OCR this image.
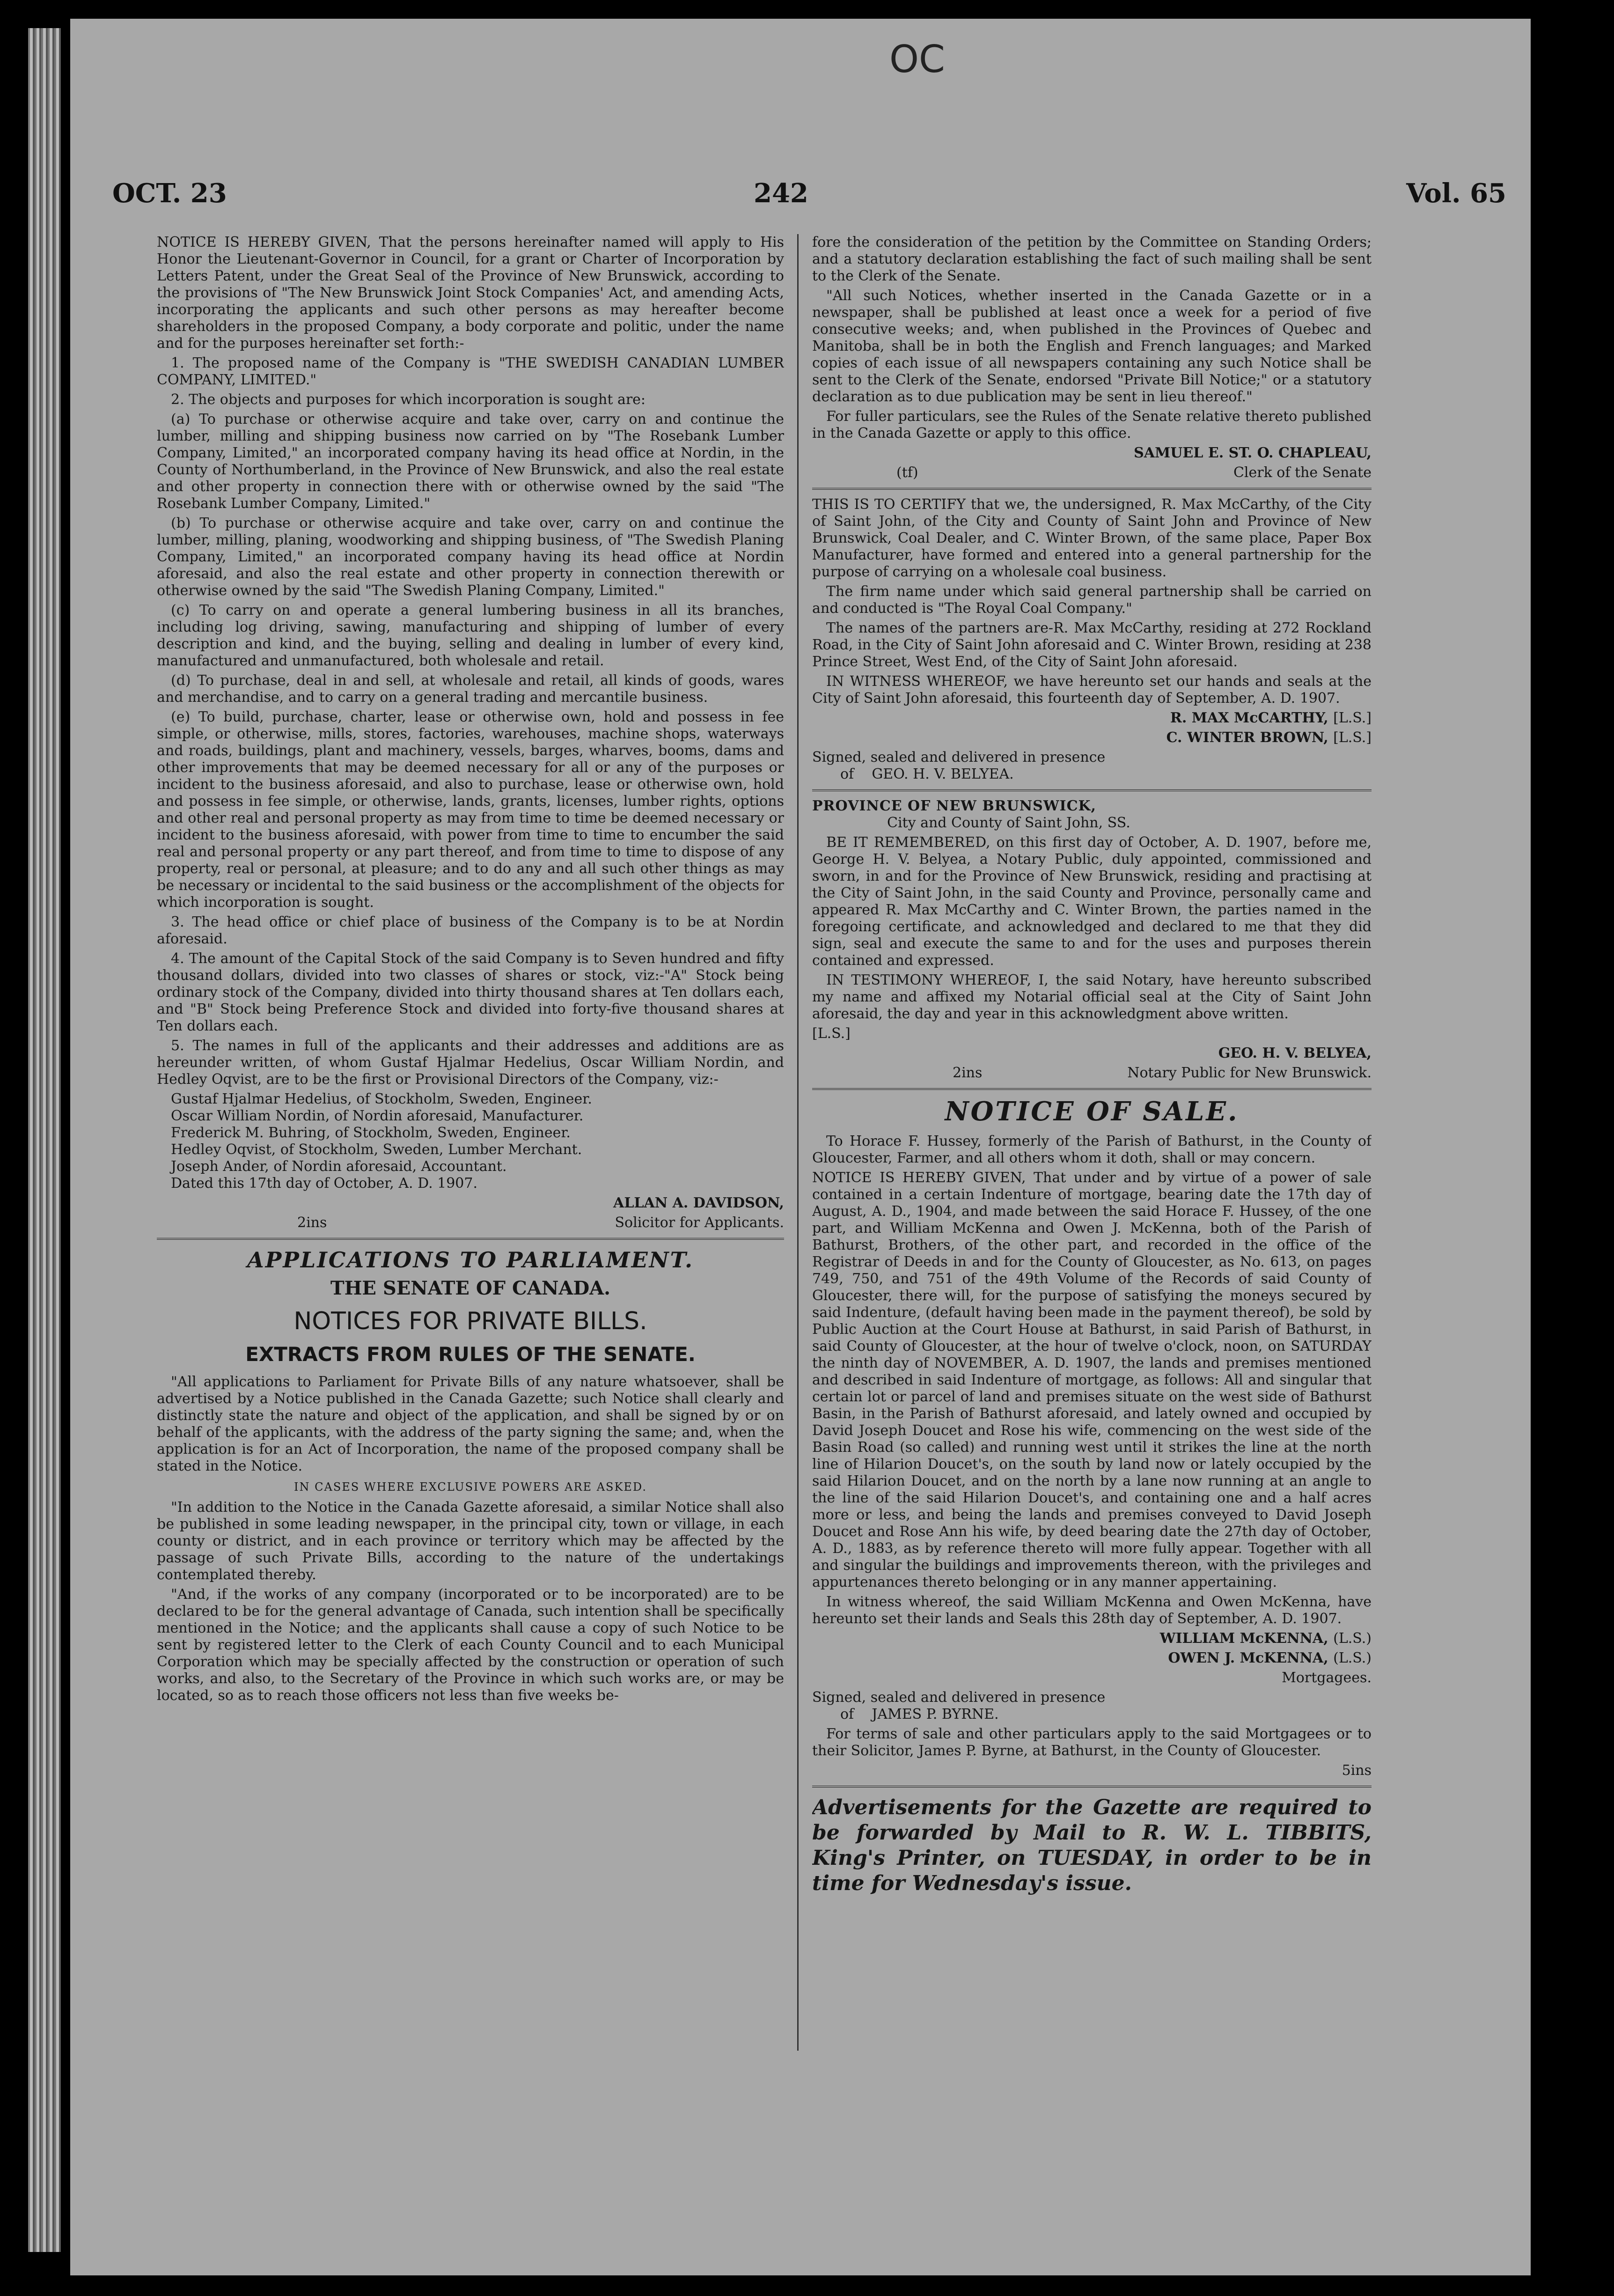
OC
OCT. 23	242	Vol. 65

NOTICE IS HEREBY GIVEN, That the persons hereinafter named will apply to His Honor the Lieutenant-Governor in Council, for a grant or Charter of Incorporation by Letters Patent, under the Great Seal of the Province of New Brunswick, according to the provisions of "The New Brunswick Joint Stock Companies' Act, and amending Acts, incorporating the applicants and such other persons as may hereafter become shareholders in the proposed Company, a body corporate and politic, under the name and for the purposes hereinafter set forth:-

1. The proposed name of the Company is "THE SWEDISH CANADIAN LUMBER COMPANY, LIMITED."

2. The objects and purposes for which incorporation is sought are:

(a) To purchase or otherwise acquire and take over, carry on and continue the lumber, milling and shipping business now carried on by "The Rosebank Lumber Company, Limited," an incorporated company having its head office at Nordin, in the County of Northumberland, in the Province of New Brunswick, and also the real estate and other property in connection there with or otherwise owned by the said "The Rosebank Lumber Company, Limited."

(b) To purchase or otherwise acquire and take over, carry on and continue the lumber, milling, planing, woodworking and shipping business, of "The Swedish Planing Company, Limited," an incorporated company having its head office at Nordin aforesaid, and also the real estate and other property in connection therewith or otherwise owned by the said "The Swedish Planing Company, Limited."

(c) To carry on and operate a general lumbering business in all its branches, including log driving, sawing, manufacturing and shipping of lumber of every description and kind, and the buying, selling and dealing in lumber of every kind, manufactured and unmanufactured, both wholesale and retail.

(d) To purchase, deal in and sell, at wholesale and retail, all kinds of goods, wares and merchandise, and to carry on a general trading and mercantile business.

(e) To build, purchase, charter, lease or otherwise own, hold and possess in fee simple, or otherwise, mills, stores, factories, warehouses, machine shops, waterways and roads, buildings, plant and machinery, vessels, barges, wharves, booms, dams and other improvements that may be deemed necessary for all or any of the purposes or incident to the business aforesaid, and also to purchase, lease or otherwise own, hold and possess in fee simple, or otherwise, lands, grants, licenses, lumber rights, options and other real and personal property as may from time to time be deemed necessary or incident to the business aforesaid, with power from time to time to encumber the said real and personal property or any part thereof, and from time to time to dispose of any property, real or personal, at pleasure; and to do any and all such other things as may be necessary or incidental to the said business or the accomplishment of the objects for which incorporation is sought.

3. The head office or chief place of business of the Company is to be at Nordin aforesaid.

4. The amount of the Capital Stock of the said Company is to Seven hundred and fifty thousand dollars, divided into two classes of shares or stock, viz:-"A" Stock being ordinary stock of the Company, divided into thirty thousand shares at Ten dollars each, and "B" Stock being Preference Stock and divided into forty-five thousand shares at Ten dollars each.

5. The names in full of the applicants and their addresses and additions are as hereunder written, of whom Gustaf Hjalmar Hedelius, Oscar William Nordin, and Hedley Oqvist, are to be the first or Provisional Directors of the Company, viz:-

Gustaf Hjalmar Hedelius, of Stockholm, Sweden, Engineer.

Oscar William Nordin, of Nordin aforesaid, Manufacturer.

Frederick M. Buhring, of Stockholm, Sweden, Engineer.

Hedley Oqvist, of Stockholm, Sweden, Lumber Merchant.

Joseph Ander, of Nordin aforesaid, Accountant.

Dated this 17th day of October, A. D. 1907.

ALLAN A. DAVIDSON,
2ins	Solicitor for Applicants.
APPLICATIONS TO PARLIAMENT.
THE SENATE OF CANADA.
NOTICES FOR PRIVATE BILLS.
EXTRACTS FROM RULES OF THE SENATE.

"All applications to Parliament for Private Bills of any nature whatsoever, shall be advertised by a Notice published in the Canada Gazette; such Notice shall clearly and distinctly state the nature and object of the application, and shall be signed by or on behalf of the applicants, with the address of the party signing the same; and, when the application is for an Act of Incorporation, the name of the proposed company shall be stated in the Notice.

IN CASES WHERE EXCLUSIVE POWERS ARE ASKED.

"In addition to the Notice in the Canada Gazette aforesaid, a similar Notice shall also be published in some leading newspaper, in the principal city, town or village, in each county or district, and in each province or territory which may be affected by the passage of such Private Bills, according to the nature of the undertakings contemplated thereby.

"And, if the works of any company (incorporated or to be incorporated) are to be declared to be for the general advantage of Canada, such intention shall be specifically mentioned in the Notice; and the applicants shall cause a copy of such Notice to be sent by registered letter to the Clerk of each County Council and to each Municipal Corporation which may be specially affected by the construction or operation of such works, and also, to the Secretary of the Province in which such works are, or may be located, so as to reach those officers not less than five weeks be-

fore the consideration of the petition by the Committee on Standing Orders; and a statutory declaration establishing the fact of such mailing shall be sent to the Clerk of the Senate.

"All such Notices, whether inserted in the Canada Gazette or in a newspaper, shall be published at least once a week for a period of five consecutive weeks; and, when published in the Provinces of Quebec and Manitoba, shall be in both the English and French languages; and Marked copies of each issue of all newspapers containing any such Notice shall be sent to the Clerk of the Senate, endorsed "Private Bill Notice;" or a statutory declaration as to due publication may be sent in lieu thereof."

For fuller particulars, see the Rules of the Senate relative thereto published in the Canada Gazette or apply to this office.

SAMUEL E. ST. O. CHAPLEAU,
(tf)	Clerk of the Senate

THIS IS TO CERTIFY that we, the undersigned, R. Max McCarthy, of the City of Saint John, of the City and County of Saint John and Province of New Brunswick, Coal Dealer, and C. Winter Brown, of the same place, Paper Box Manufacturer, have formed and entered into a general partnership for the purpose of carrying on a wholesale coal business.

The firm name under which said general partnership shall be carried on and conducted is "The Royal Coal Company."

The names of the partners are-R. Max McCarthy, residing at 272 Rockland Road, in the City of Saint John aforesaid and C. Winter Brown, residing at 238 Prince Street, West End, of the City of Saint John aforesaid.

IN WITNESS WHEREOF, we have hereunto set our hands and seals at the City of Saint John aforesaid, this fourteenth day of September, A. D. 1907.

R. MAX McCARTHY, [L.S.]
C. WINTER BROWN, [L.S.]

Signed, sealed and delivered in presence

of GEO. H. V. BELYEA.

PROVINCE OF NEW BRUNSWICK,

City and County of Saint John, SS.

BE IT REMEMBERED, on this first day of October, A. D. 1907, before me, George H. V. Belyea, a Notary Public, duly appointed, commissioned and sworn, in and for the Province of New Brunswick, residing and practising at the City of Saint John, in the said County and Province, personally came and appeared R. Max McCarthy and C. Winter Brown, the parties named in the foregoing certificate, and acknowledged and declared to me that they did sign, seal and execute the same to and for the uses and purposes therein contained and expressed.

IN TESTIMONY WHEREOF, I, the said Notary, have hereunto subscribed my name and affixed my Notarial official seal at the City of Saint John aforesaid, the day and year in this acknowledgment above written.

[L.S.]

GEO. H. V. BELYEA,
2ins	Notary Public for New Brunswick.
NOTICE OF SALE.

To Horace F. Hussey, formerly of the Parish of Bathurst, in the County of Gloucester, Farmer, and all others whom it doth, shall or may concern.

NOTICE IS HEREBY GIVEN, That under and by virtue of a power of sale contained in a certain Indenture of mortgage, bearing date the 17th day of August, A. D., 1904, and made between the said Horace F. Hussey, of the one part, and William McKenna and Owen J. McKenna, both of the Parish of Bathurst, Brothers, of the other part, and recorded in the office of the Registrar of Deeds in and for the County of Gloucester, as No. 613, on pages 749, 750, and 751 of the 49th Volume of the Records of said County of Gloucester, there will, for the purpose of satisfying the moneys secured by said Indenture, (default having been made in the payment thereof), be sold by Public Auction at the Court House at Bathurst, in said Parish of Bathurst, in said County of Gloucester, at the hour of twelve o'clock, noon, on SATURDAY the ninth day of NOVEMBER, A. D. 1907, the lands and premises mentioned and described in said Indenture of mortgage, as follows: All and singular that certain lot or parcel of land and premises situate on the west side of Bathurst Basin, in the Parish of Bathurst aforesaid, and lately owned and occupied by David Joseph Doucet and Rose his wife, commencing on the west side of the Basin Road (so called) and running west until it strikes the line at the north line of Hilarion Doucet's, on the south by land now or lately occupied by the said Hilarion Doucet, and on the north by a lane now running at an angle to the line of the said Hilarion Doucet's, and containing one and a half acres more or less, and being the lands and premises conveyed to David Joseph Doucet and Rose Ann his wife, by deed bearing date the 27th day of October, A. D., 1883, as by reference thereto will more fully appear. Together with all and singular the buildings and improvements thereon, with the privileges and appurtenances thereto belonging or in any manner appertaining.

In witness whereof, the said William McKenna and Owen McKenna, have hereunto set their lands and Seals this 28th day of September, A. D. 1907.

WILLIAM McKENNA, (L.S.)
OWEN J. McKENNA, (L.S.)
Mortgagees.

Signed, sealed and delivered in presence

of JAMES P. BYRNE.

For terms of sale and other particulars apply to the said Mortgagees or to their Solicitor, James P. Byrne, at Bathurst, in the County of Gloucester.

5ins

Advertisements for the Gazette are required to be forwarded by Mail to R. W. L. TIBBITS, King's Printer, on TUESDAY, in order to be in time for Wednesday's issue.
